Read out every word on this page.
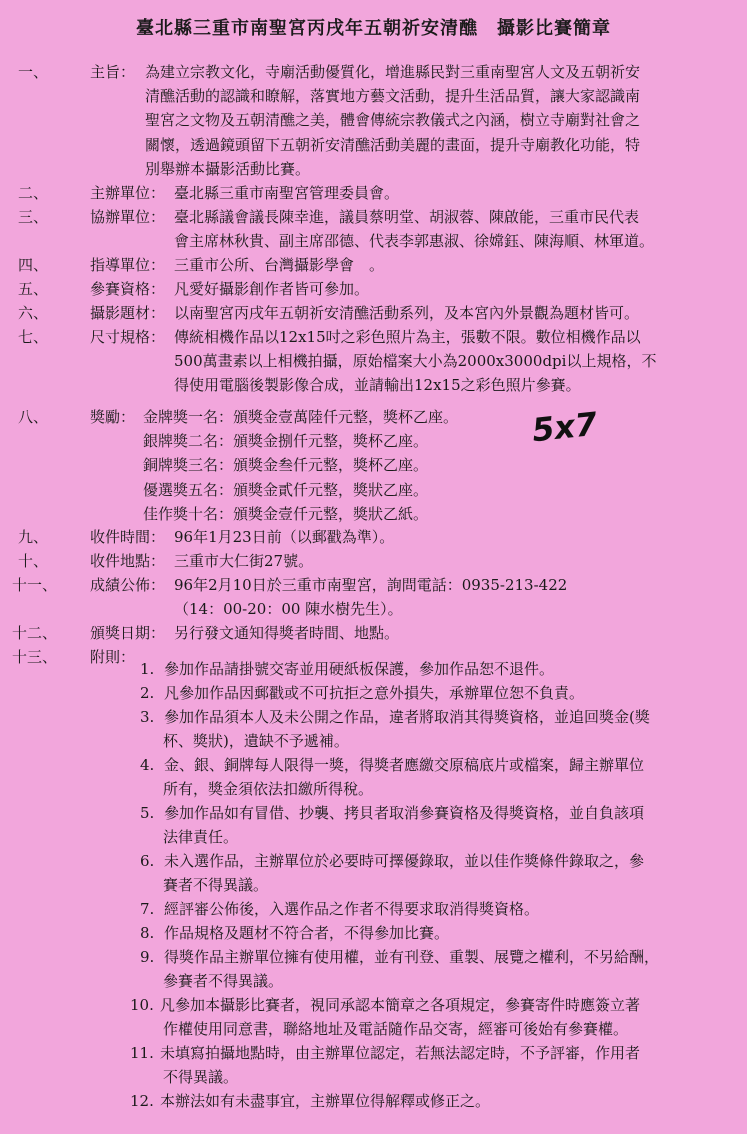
臺北縣三重市南聖宮丙戌年五朝祈安清醮　攝影比賽簡章
一、	主旨： 為建立宗教文化，寺廟活動優質化，增進縣民對三重南聖宮人文及五朝祈安
清醮活動的認識和瞭解，落實地方藝文活動，提升生活品質，讓大家認識南
聖宮之文物及五朝清醮之美，體會傳統宗教儀式之內涵，樹立寺廟對社會之
關懷，透過鏡頭留下五朝祈安清醮活動美麗的畫面，提升寺廟教化功能，特
別舉辦本攝影活動比賽。
二、	主辦單位： 臺北縣三重市南聖宮管理委員會。
三、	協辦單位： 臺北縣議會議長陳幸進，議員蔡明堂、胡淑蓉、陳啟能，三重市民代表
會主席林秋貴、副主席邵德、代表李郭惠淑、徐嫦鈺、陳海順、林軍道。
四、	指導單位： 三重市公所、台灣攝影學會　。
五、	參賽資格： 凡愛好攝影創作者皆可參加。
六、	攝影題材： 以南聖宮丙戌年五朝祈安清醮活動系列，及本宮內外景觀為題材皆可。
七、	尺寸規格： 傳統相機作品以12x15吋之彩色照片為主，張數不限。數位相機作品以
500萬畫素以上相機拍攝，原始檔案大小為2000x3000dpi以上規格，不
得使用電腦後製影像合成，並請輸出12x15之彩色照片參賽。
八、	獎勵： 金牌獎一名：頒獎金壹萬陸仟元整，獎杯乙座。
銀牌獎二名：頒獎金捌仟元整，獎杯乙座。
銅牌獎三名：頒獎金叁仟元整，獎杯乙座。
優選獎五名：頒獎金貳仟元整，獎狀乙座。
佳作獎十名：頒獎金壹仟元整，獎狀乙紙。
九、	收件時間： 96年1月23日前（以郵戳為準）。
十、	收件地點： 三重市大仁街27號。
十一、 成績公佈： 96年2月10日於三重市南聖宮，詢問電話：0935-213-422
（14：00-20：00 陳水樹先生）。
十二、 頒獎日期： 另行發文通知得獎者時間、地點。
十三、 附則：
1. 參加作品請掛號交寄並用硬紙板保護，參加作品恕不退件。
2. 凡參加作品因郵戳或不可抗拒之意外損失，承辦單位恕不負責。
3. 參加作品須本人及未公開之作品，違者將取消其得獎資格，並追回獎金(獎
杯、獎狀)，遺缺不予遞補。
4. 金、銀、銅牌每人限得一獎，得獎者應繳交原稿底片或檔案，歸主辦單位
所有，獎金須依法扣繳所得稅。
5. 參加作品如有冒借、抄襲、拷貝者取消參賽資格及得獎資格，並自負該項
法律責任。
6. 未入選作品，主辦單位於必要時可擇優錄取，並以佳作獎條件錄取之，參
賽者不得異議。
7. 經評審公佈後，入選作品之作者不得要求取消得獎資格。
8. 作品規格及題材不符合者，不得參加比賽。
9. 得獎作品主辦單位擁有使用權，並有刊登、重製、展覽之權利，不另給酬，
參賽者不得異議。
10. 凡參加本攝影比賽者，視同承認本簡章之各項規定，參賽寄件時應簽立著
作權使用同意書，聯絡地址及電話隨作品交寄，經審可後始有參賽權。
11. 未填寫拍攝地點時，由主辦單位認定，若無法認定時，不予評審，作用者
不得異議。
12. 本辦法如有未盡事宜，主辦單位得解釋或修正之。
5x7
